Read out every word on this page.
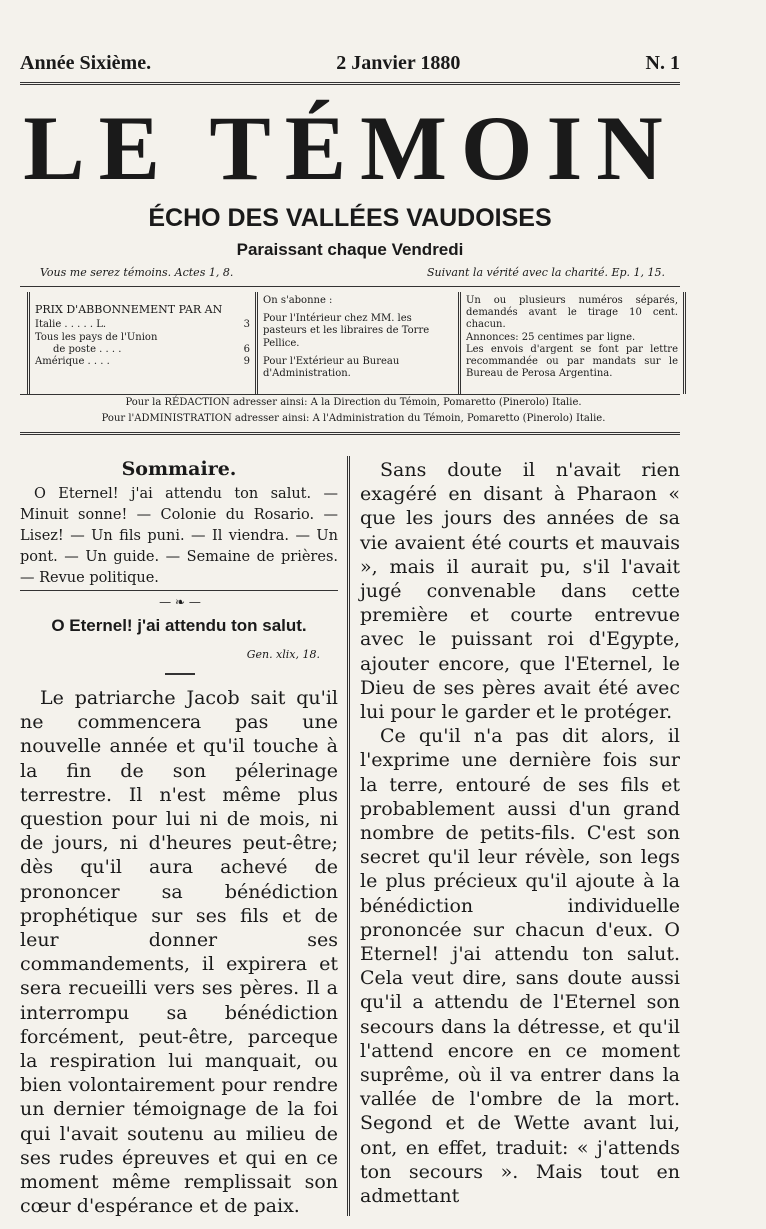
Année Sixième.	2 Janvier 1880	N. 1
LE TÉMOIN
ÉCHO DES VALLÉES VAUDOISES
Paraissant chaque Vendredi
Vous me serez témoins. Actes 1, 8.	Suivant la vérité avec la charité. Ep. 1, 15.
PRIX D'ABBONNEMENT PAR AN
Italie . . . . . L.	3
Tous les pays de l'Union
de poste . . . .	6
Amérique . . . .	9

On s'abonne :

Pour l'Intérieur chez MM. les pasteurs et les libraires de Torre Pellice.

Pour l'Extérieur au Bureau d'Administration.

Un ou plusieurs numéros séparés, demandés avant le tirage 10 cent. chacun.

Annonces: 25 centimes par ligne.

Les envois d'argent se font par lettre recommandée ou par mandats sur le Bureau de Perosa Argentina.

Pour la RÉDACTION adresser ainsi: A la Direction du Témoin, Pomaretto (Pinerolo) Italie.
Pour l'ADMINISTRATION adresser ainsi: A l'Administration du Témoin, Pomaretto (Pinerolo) Italie.
Sommaire.

O Eternel! j'ai attendu ton salut. — Minuit sonne! — Colonie du Rosario. — Lisez! — Un fils puni. — Il viendra. — Un pont. — Un guide. — Semaine de prières. — Revue politique.

— ❧ —
O Eternel! j'ai attendu ton salut.
Gen. xlix, 18.

Le patriarche Jacob sait qu'il ne commencera pas une nouvelle année et qu'il touche à la fin de son pélerinage terrestre. Il n'est même plus question pour lui ni de mois, ni de jours, ni d'heures peut-être; dès qu'il aura achevé de prononcer sa bénédiction prophétique sur ses fils et de leur donner ses commandements, il expirera et sera recueilli vers ses pères. Il a interrompu sa bénédiction forcément, peut-être, parceque la respiration lui manquait, ou bien volontairement pour rendre un dernier témoignage de la foi qui l'avait soutenu au milieu de ses rudes épreuves et qui en ce moment même remplissait son cœur d'espérance et de paix.

Sans doute il n'avait rien exagéré en disant à Pharaon « que les jours des années de sa vie avaient été courts et mauvais », mais il aurait pu, s'il l'avait jugé convenable dans cette première et courte entrevue avec le puissant roi d'Egypte, ajouter encore, que l'Eternel, le Dieu de ses pères avait été avec lui pour le garder et le protéger.

Ce qu'il n'a pas dit alors, il l'exprime une dernière fois sur la terre, entouré de ses fils et probablement aussi d'un grand nombre de petits-fils. C'est son secret qu'il leur révèle, son legs le plus précieux qu'il ajoute à la bénédiction individuelle prononcée sur chacun d'eux. O Eternel! j'ai attendu ton salut. Cela veut dire, sans doute aussi qu'il a attendu de l'Eternel son secours dans la détresse, et qu'il l'attend encore en ce moment suprême, où il va entrer dans la vallée de l'ombre de la mort. Segond et de Wette avant lui, ont, en effet, traduit: « j'attends ton secours ». Mais tout en admettant
